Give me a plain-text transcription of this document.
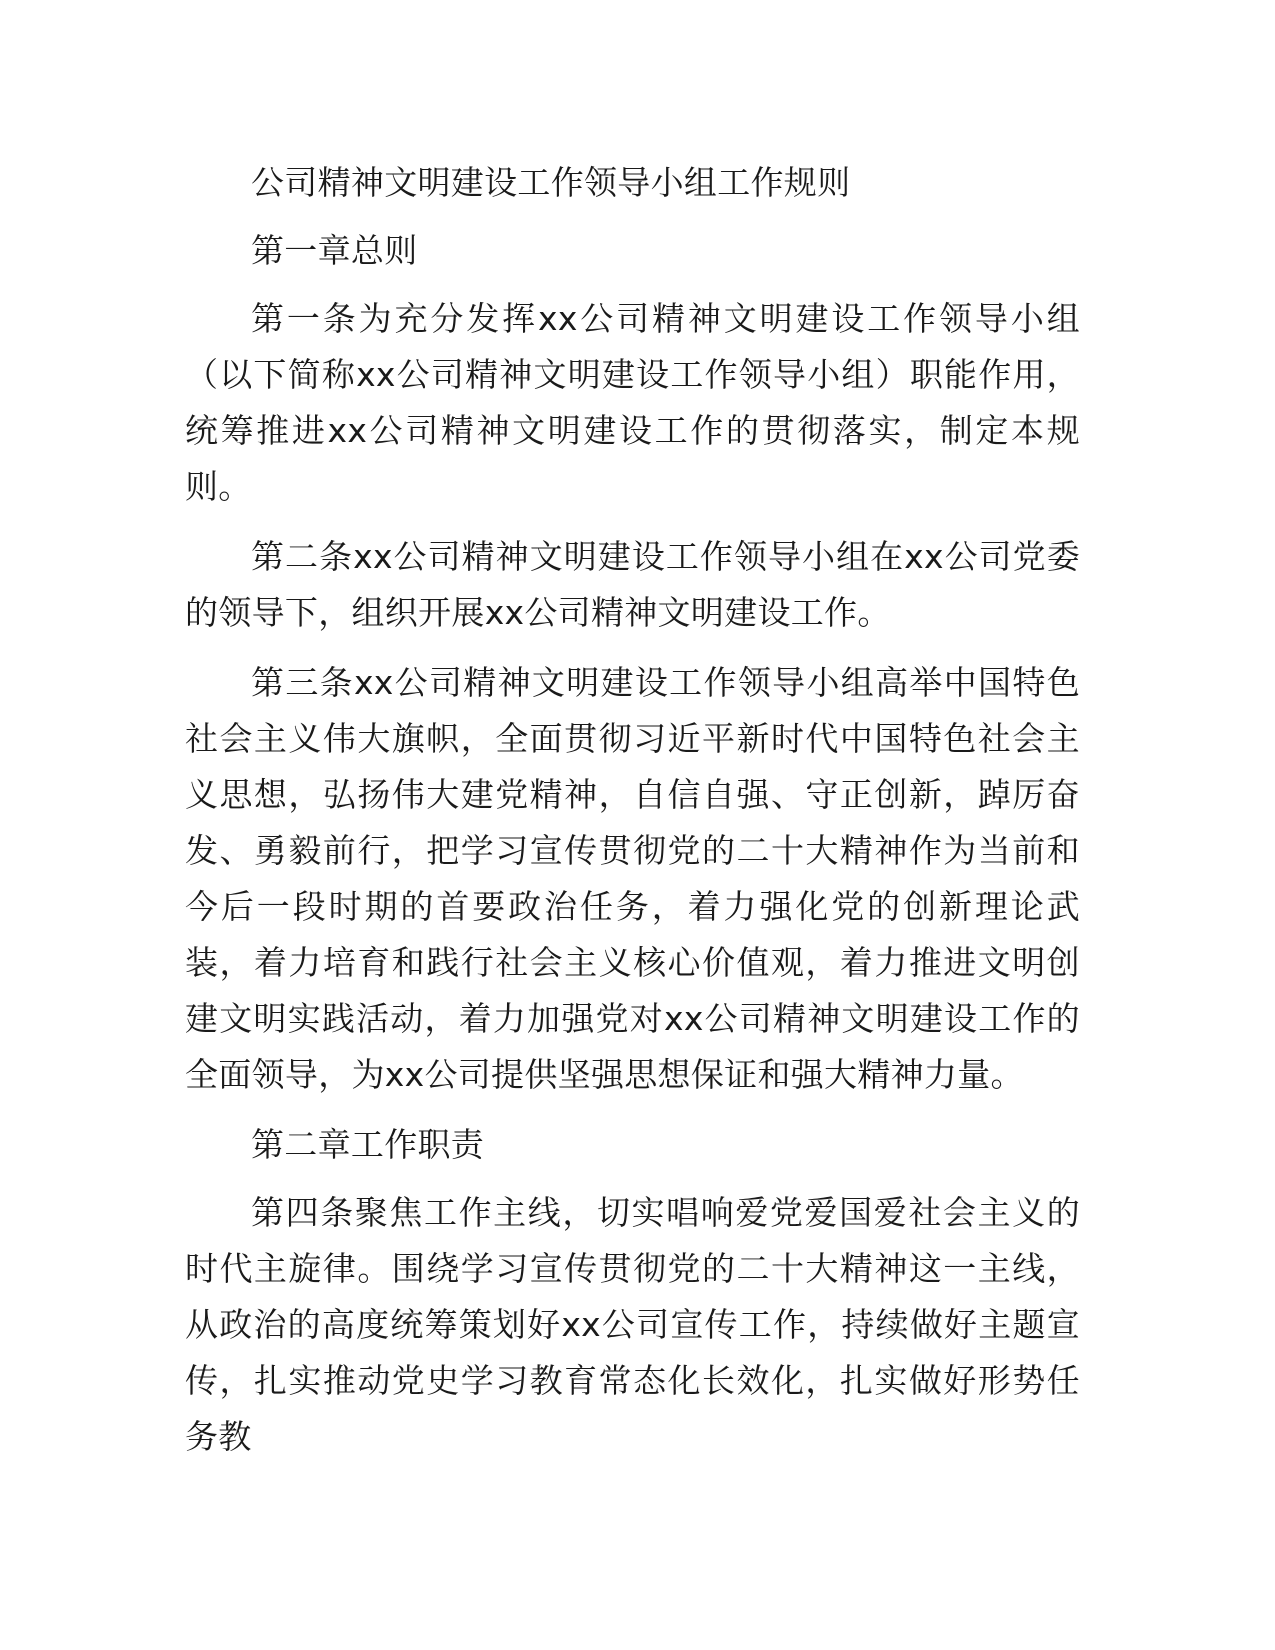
公司精神文明建设工作领导小组工作规则

第一章总则

第一条为充分发挥xx公司精神文明建设工作领导小组（以下简称xx公司精神文明建设工作领导小组）职能作用，统筹推进xx公司精神文明建设工作的贯彻落实，制定本规则。

第二条xx公司精神文明建设工作领导小组在xx公司党委的领导下，组织开展xx公司精神文明建设工作。

第三条xx公司精神文明建设工作领导小组高举中国特色社会主义伟大旗帜，全面贯彻习近平新时代中国特色社会主义思想，弘扬伟大建党精神，自信自强、守正创新，踔厉奋发、勇毅前行，把学习宣传贯彻党的二十大精神作为当前和今后一段时期的首要政治任务，着力强化党的创新理论武装，着力培育和践行社会主义核心价值观，着力推进文明创建文明实践活动，着力加强党对xx公司精神文明建设工作的全面领导，为xx公司提供坚强思想保证和强大精神力量。

第二章工作职责

第四条聚焦工作主线，切实唱响爱党爱国爱社会主义的时代主旋律。围绕学习宣传贯彻党的二十大精神这一主线，从政治的高度统筹策划好xx公司宣传工作，持续做好主题宣传，扎实推动党史学习教育常态化长效化，扎实做好形势任务教
